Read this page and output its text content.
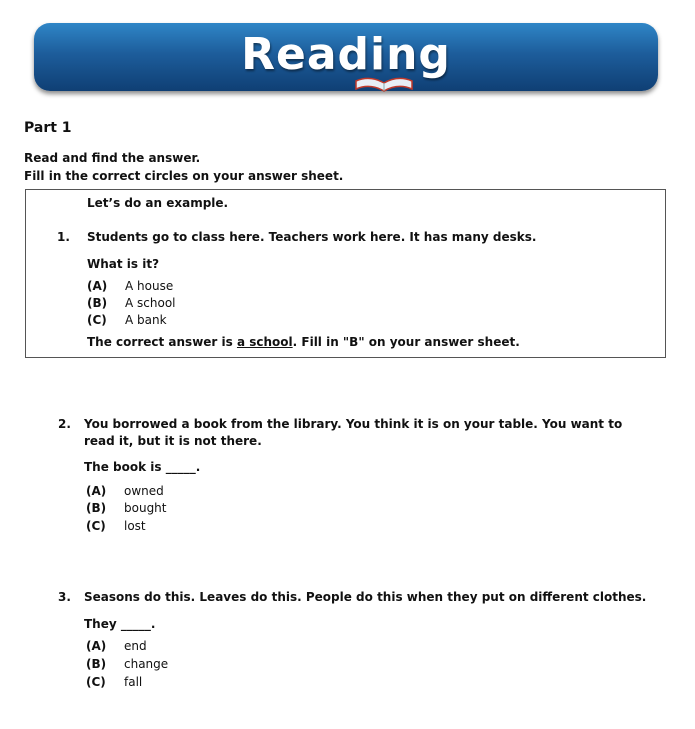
Reading
Part 1
Read and find the answer.
Fill in the correct circles on your answer sheet.
Let’s do an example.
1. Students go to class here. Teachers work here. It has many desks.
What is it?
(A) A house
(B) A school
(C) A bank
The correct answer is a school. Fill in "B" on your answer sheet.
2. You borrowed a book from the library. You think it is on your table. You want to
read it, but it is not there.
The book is _____.
(A) owned
(B) bought
(C) lost
3. Seasons do this. Leaves do this. People do this when they put on different clothes.
They _____.
(A) end
(B) change
(C) fall
